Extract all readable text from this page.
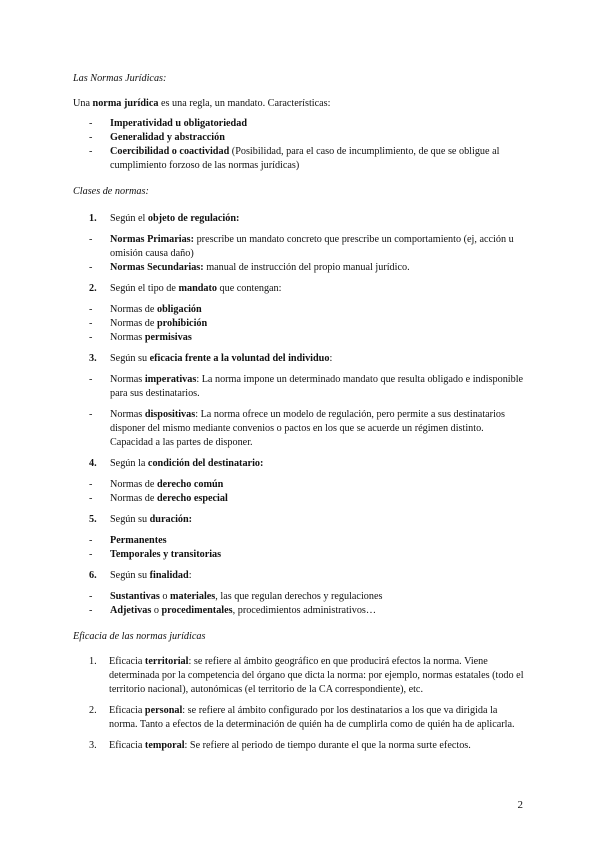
Las Normas Jurídicas:

Una norma jurídica es una regla, un mandato. Características:

- Imperatividad u obligatoriedad
- Generalidad y abstracción
- Coercibilidad o coactividad (Posibilidad, para el caso de incumplimiento, de que se obligue al cumplimiento forzoso de las normas jurídicas)

Clases de normas:

1. Según el objeto de regulación:

- Normas Primarias: prescribe un mandato concreto que prescribe un comportamiento (ej, acción u omisión causa daño)
- Normas Secundarias: manual de instrucción del propio manual jurídico.

2. Según el tipo de mandato que contengan:

- Normas de obligación
- Normas de prohibición
- Normas permisivas

3. Según su eficacia frente a la voluntad del individuo:

- Normas imperativas: La norma impone un determinado mandato que resulta obligado e indisponible para sus destinatarios.
- Normas dispositivas: La norma ofrece un modelo de regulación, pero permite a sus destinatarios disponer del mismo mediante convenios o pactos en los que se acuerde un régimen distinto. Capacidad a las partes de disponer.

4. Según la condición del destinatario:

- Normas de derecho común
- Normas de derecho especial

5. Según su duración:

- Permanentes
- Temporales y transitorias

6. Según su finalidad:

- Sustantivas o materiales, las que regulan derechos y regulaciones
- Adjetivas o procedimentales, procedimientos administrativos…

Eficacia de las normas jurídicas

1. Eficacia territorial: se refiere al ámbito geográfico en que producirá efectos la norma. Viene determinada por la competencia del órgano que dicta la norma: por ejemplo, normas estatales (todo el territorio nacional), autonómicas (el territorio de la CA correspondiente), etc.

2. Eficacia personal: se refiere al ámbito configurado por los destinatarios a los que va dirigida la norma. Tanto a efectos de la determinación de quién ha de cumplirla como de quién ha de aplicarla.

3. Eficacia temporal: Se refiere al periodo de tiempo durante el que la norma surte efectos.

2
